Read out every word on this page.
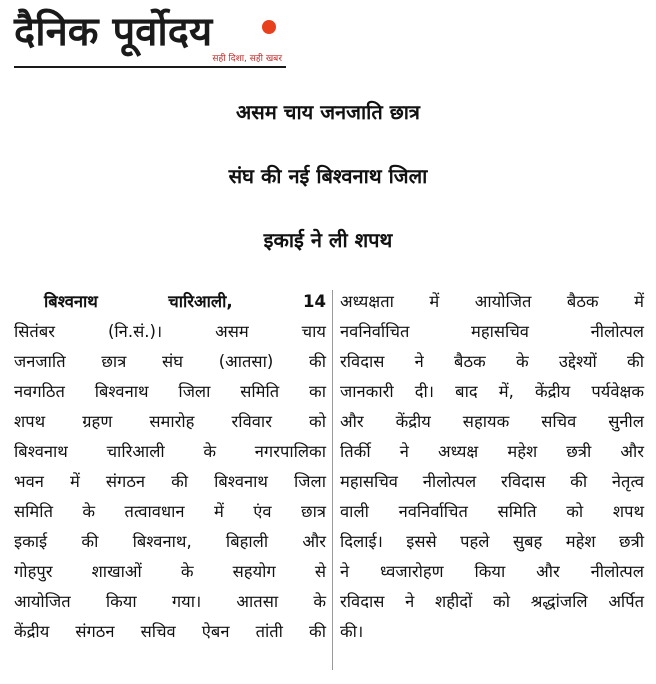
दैनिक पूर्वोदय
सही दिशा, सही खबर
असम चाय जनजाति छात्र
संघ की नई बिश्वनाथ जिला
इकाई ने ली शपथ
बिश्वनाथ चारिआली, 14
सितंबर (नि.सं.)। असम चाय
जनजाति छात्र संघ (आतसा) की
नवगठित बिश्वनाथ जिला समिति का
शपथ ग्रहण समारोह रविवार को
बिश्वनाथ चारिआली के नगरपालिका
भवन में संगठन की बिश्वनाथ जिला
समिति के तत्वावधान में एंव छात्र
इकाई की बिश्वनाथ, बिहाली और
गोहपुर शाखाओं के सहयोग से
आयोजित किया गया। आतसा के
केंद्रीय संगठन सचिव ऐबन तांती की
अध्यक्षता में आयोजित बैठक में
नवनिर्वाचित महासचिव नीलोत्पल
रविदास ने बैठक के उद्देश्यों की
जानकारी दी। बाद में, केंद्रीय पर्यवेक्षक
और केंद्रीय सहायक सचिव सुनील
तिर्की ने अध्यक्ष महेश छत्री और
महासचिव नीलोत्पल रविदास की नेतृत्व
वाली नवनिर्वाचित समिति को शपथ
दिलाई। इससे पहले सुबह महेश छत्री
ने ध्वजारोहण किया और नीलोत्पल
रविदास ने शहीदों को श्रद्धांजलि अर्पित
की।
